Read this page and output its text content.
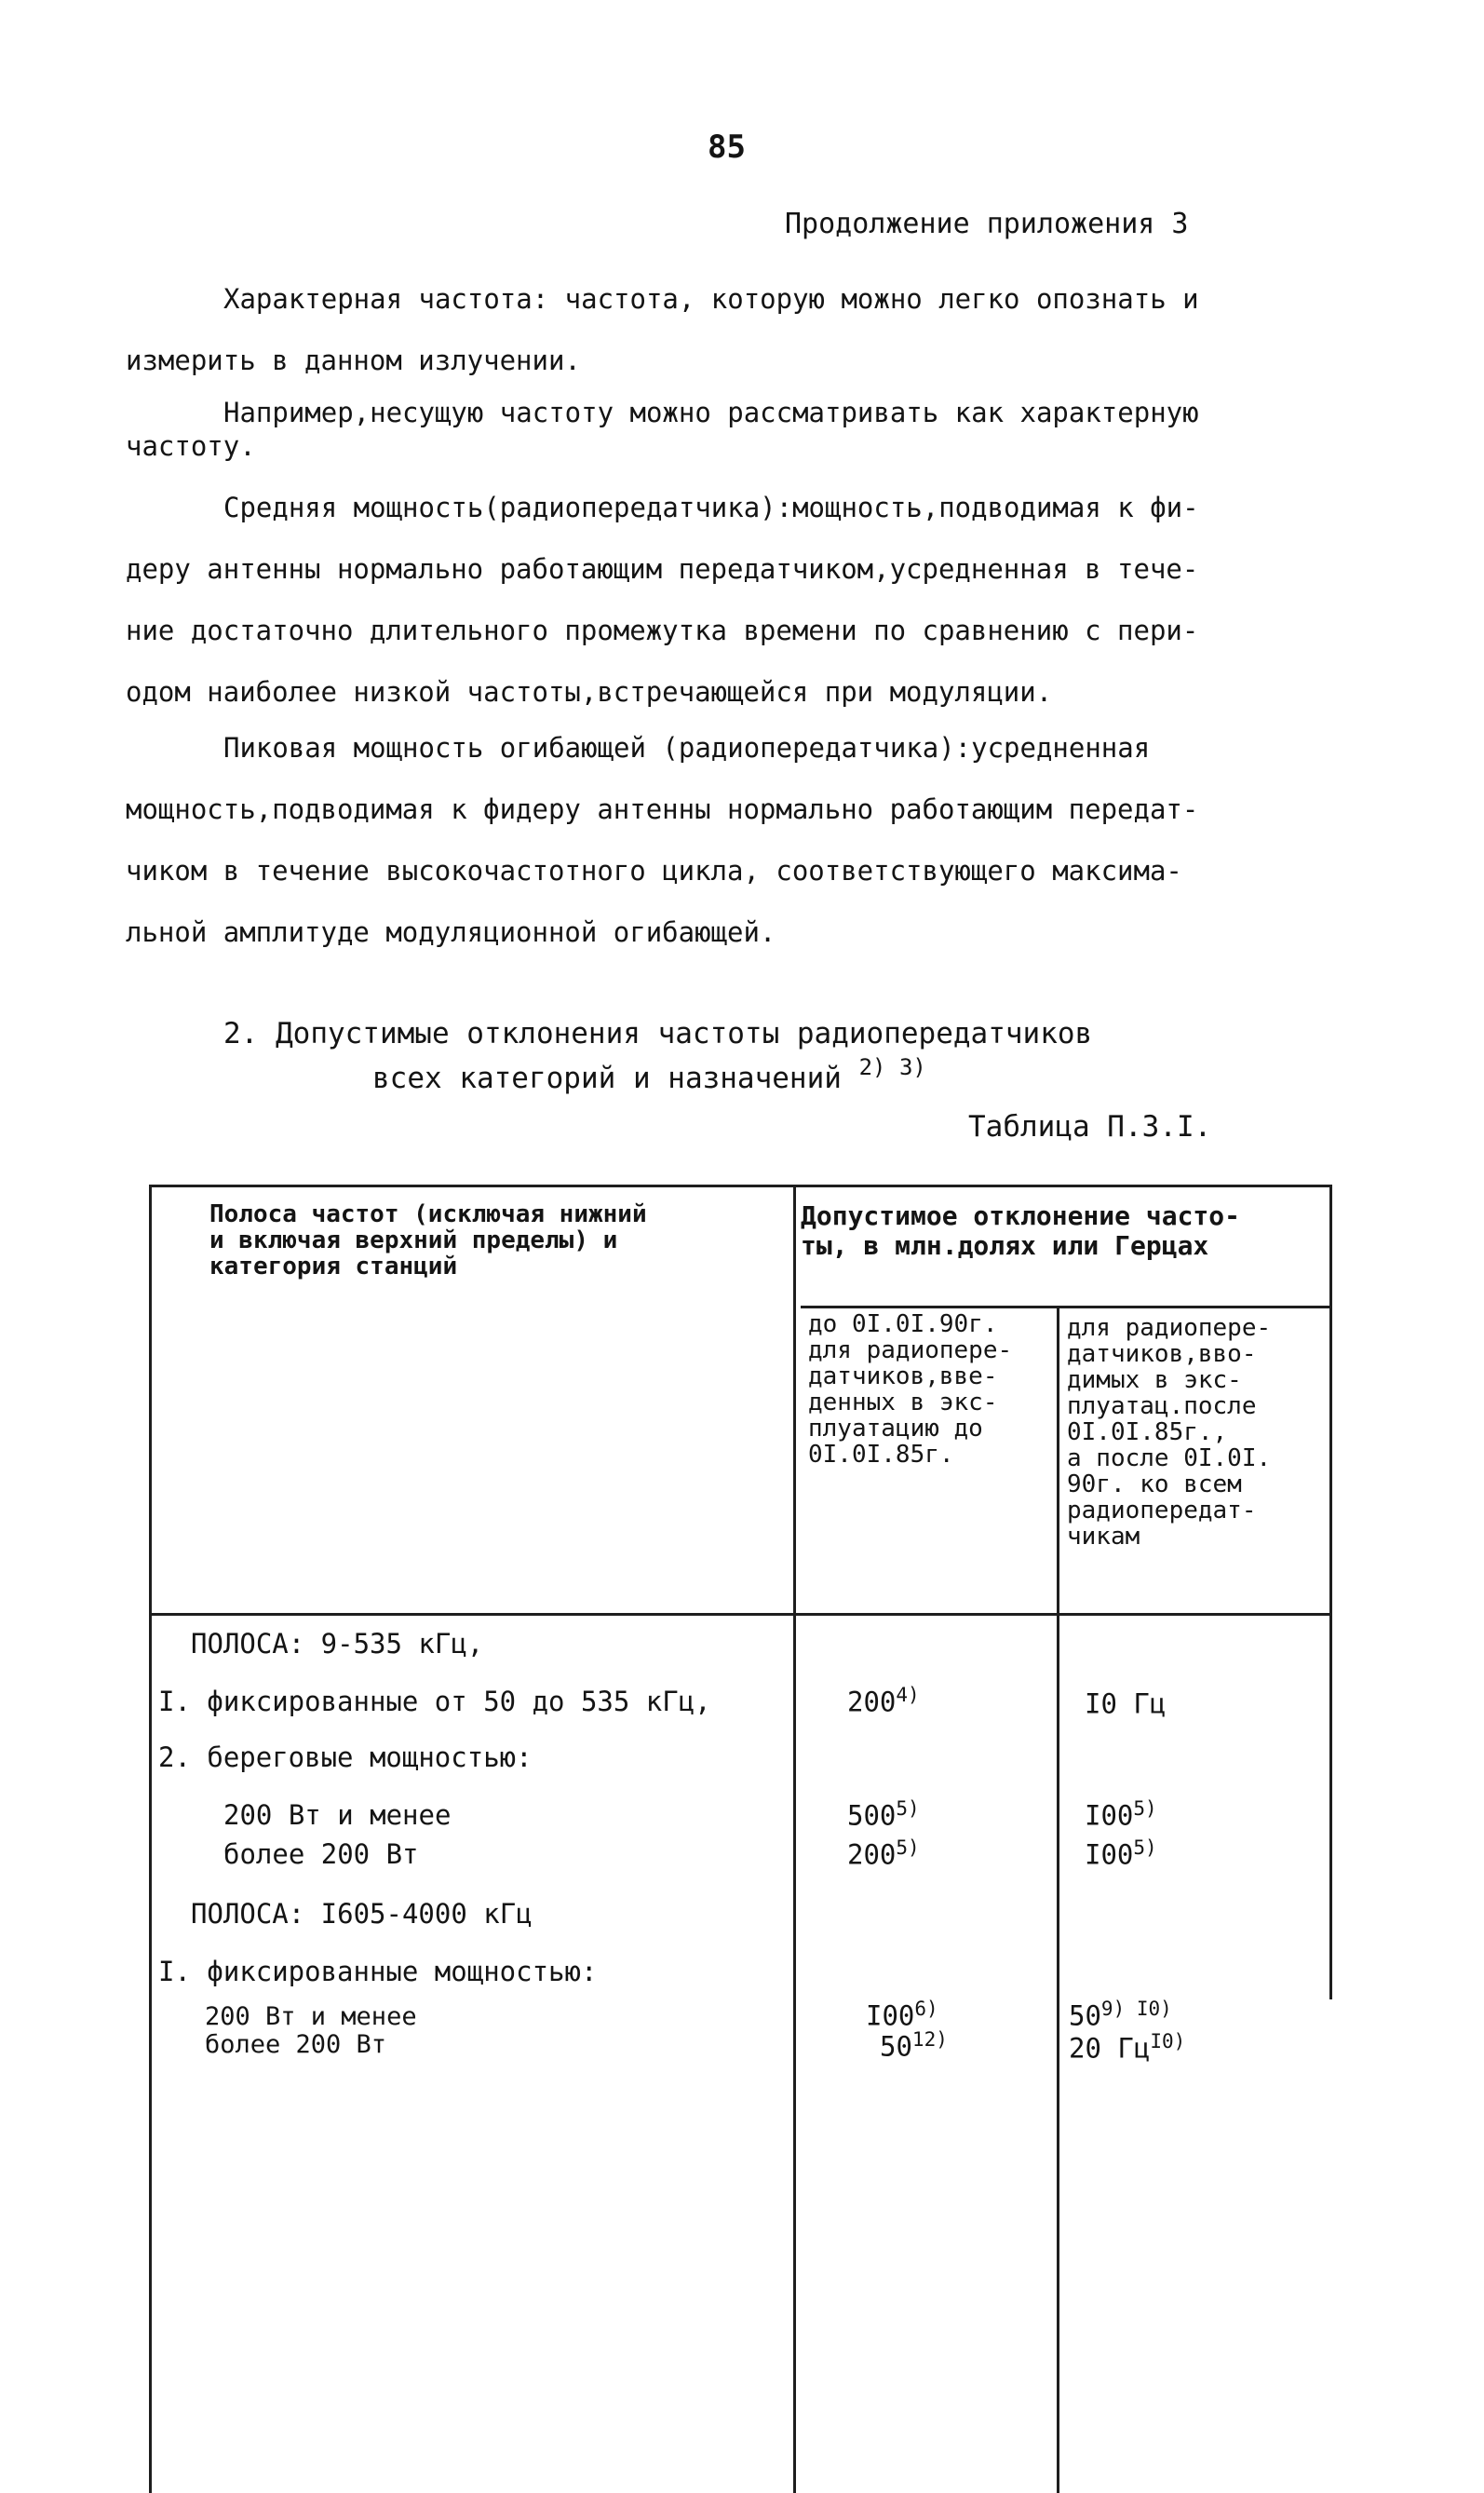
85
Продолжение приложения 3

Характерная частота: частота, которую можно легко опознать и

измерить в данном излучении.

Например,несущую частоту можно рассматривать как характерную

частоту.

Средняя мощность(радиопередатчика):мощность,подводимая к фи-

деру антенны нормально работающим передатчиком,усредненная в тече-

ние достаточно длительного промежутка времени по сравнению с пери-

одом наиболее низкой частоты,встречающейся при модуляции.

Пиковая мощность огибающей (радиопередатчика):усредненная

мощность,подводимая к фидеру антенны нормально работающим передат-

чиком в течение высокочастотного цикла, соответствующего максима-

льной амплитуде модуляционной огибающей.

2. Допустимые отклонения частоты радиопередатчиков
всех категорий и назначений $^{2) 3)}$
Таблица П.3.I.
Полоса частот (исключая нижний
и включая верхний пределы) и
категория станций
Допустимое отклонение часто-
ты, в млн.долях или Герцах
до 0I.0I.90г.
для радиопере-
датчиков,вве-
денных в экс-
плуатацию до
0I.0I.85г.
для радиопере-
датчиков,вво-
димых в экс-
плуатац.после
0I.0I.85г.,
а после 0I.0I.
90г. ко всем
радиопередат-
чикам
ПОЛОСА: 9-535 кГц,
I. фиксированные от 50 до 535 кГц,	200$^{4)}$	I0 Гц
2. береговые мощностью:
200 Вт и менее	500$^{5)}$	I00$^{5)}$
более 200 Вт	200$^{5)}$	I00$^{5)}$
ПОЛОСА: I605-4000 кГц
I. фиксированные мощностью:
200 Вт и менее	I00$^{6)}$	$50^{9) I0)}$
более 200 Вт	50$^{12)}$	20 $Гц^{I0)}$
